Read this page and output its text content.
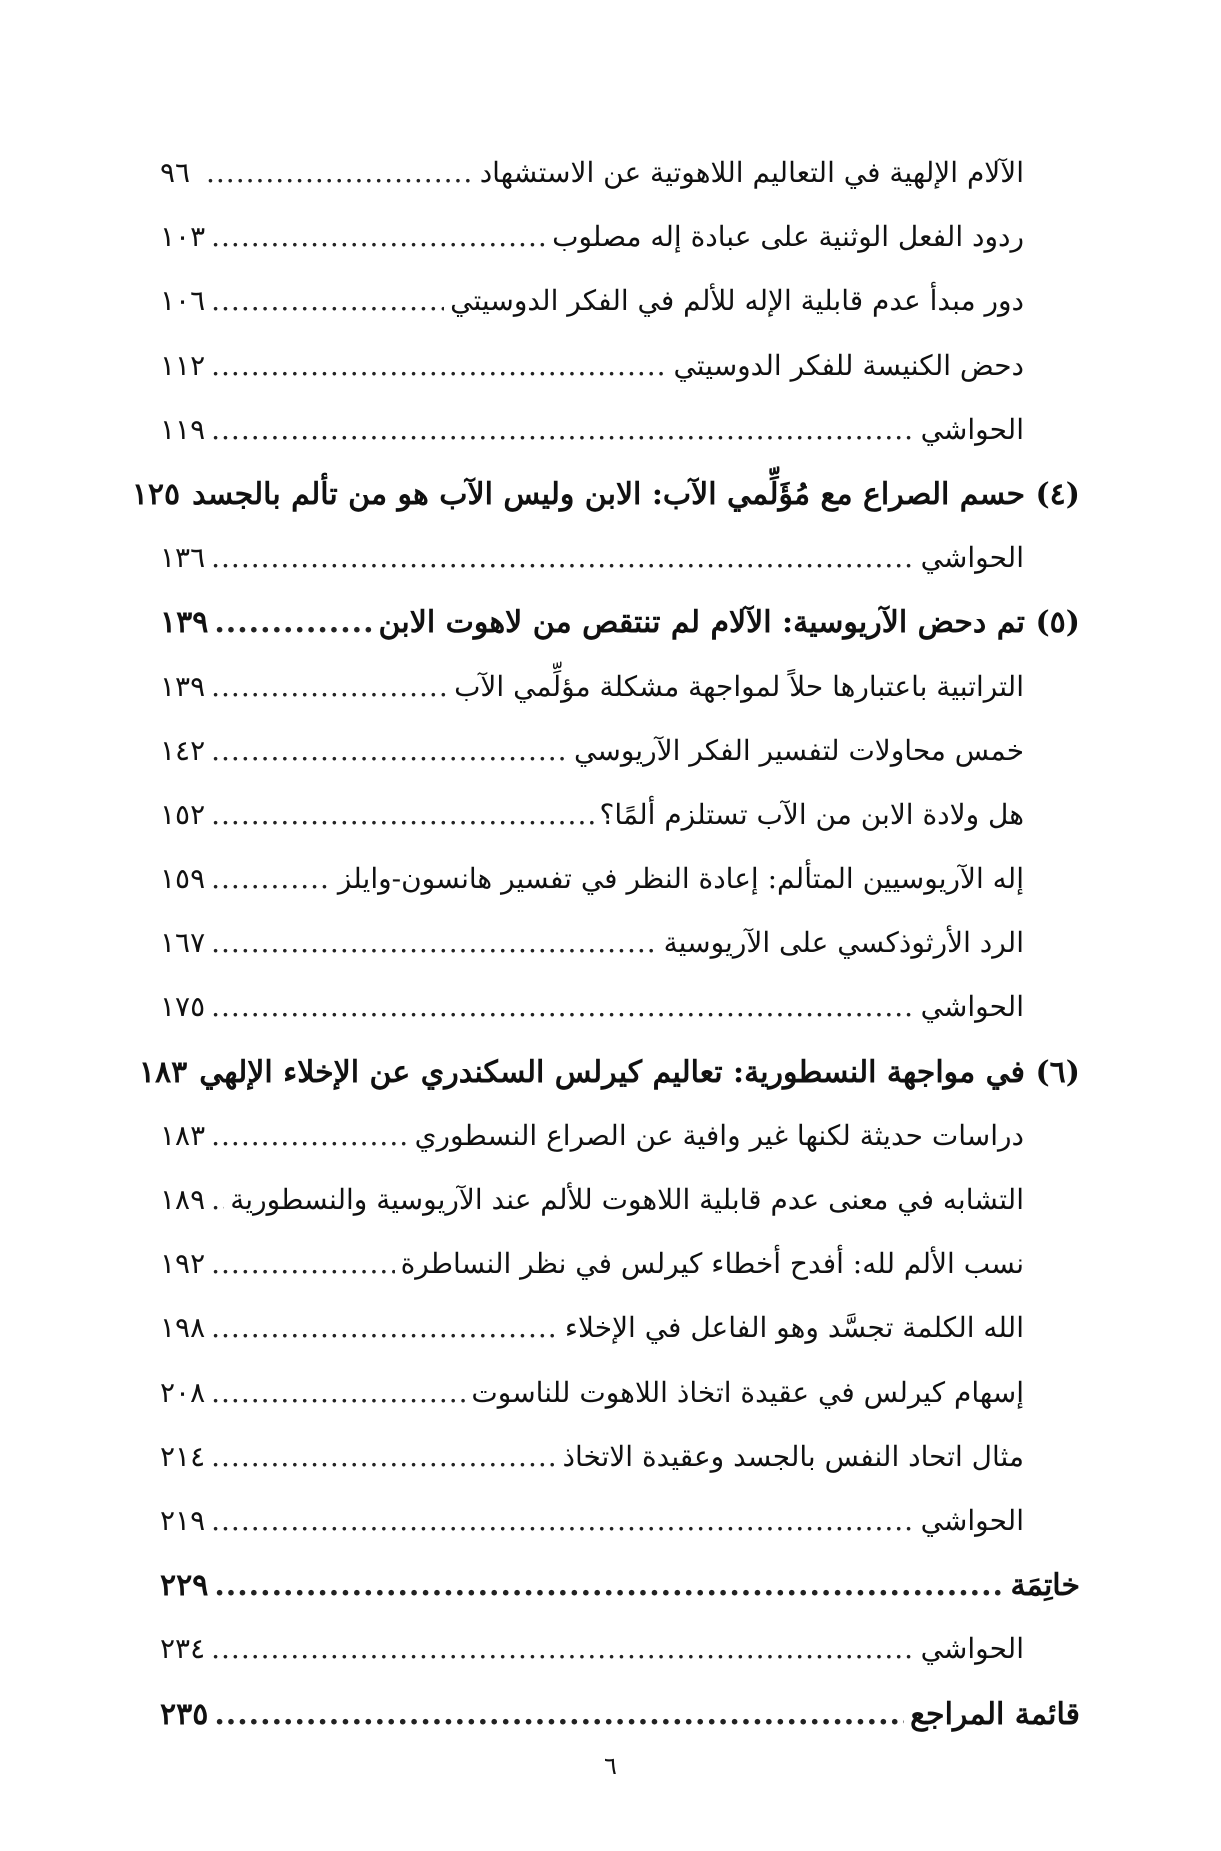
الآلام الإلهية في التعاليم اللاهوتية عن الاستشهاد
.....
٩٦
ردود الفعل الوثنية على عبادة إله مصلوب
.....
١٠٣
دور مبدأ عدم قابلية الإله للألم في الفكر الدوسيتي
.....
١٠٦
دحض الكنيسة للفكر الدوسيتي
.....
١١٢
الحواشي
.....
١١٩
(٤) حسم الصراع مع مُؤَلِّمي الآب: الابن وليس الآب هو من تألم بالجسد
١٢٥
الحواشي
.....
١٣٦
(٥) تم دحض الآريوسية: الآلام لم تنتقص من لاهوت الابن
.....
١٣٩
التراتبية باعتبارها حلاً لمواجهة مشكلة مؤلِّمي الآب
.....
١٣٩
خمس محاولات لتفسير الفكر الآريوسي
.....
١٤٢
هل ولادة الابن من الآب تستلزم ألمًا؟
.....
١٥٢
إله الآريوسيين المتألم: إعادة النظر في تفسير هانسون-وايلز
.....
١٥٩
الرد الأرثوذكسي على الآريوسية
.....
١٦٧
الحواشي
.....
١٧٥
(٦) في مواجهة النسطورية: تعاليم كيرلس السكندري عن الإخلاء الإلهي
١٨٣
دراسات حديثة لكنها غير وافية عن الصراع النسطوري
.....
١٨٣
التشابه في معنى عدم قابلية اللاهوت للألم عند الآريوسية والنسطورية
.....
١٨٩
نسب الألم لله: أفدح أخطاء كيرلس في نظر النساطرة
.....
١٩٢
الله الكلمة تجسَّد وهو الفاعل في الإخلاء
.....
١٩٨
إسهام كيرلس في عقيدة اتخاذ اللاهوت للناسوت
.....
٢٠٨
مثال اتحاد النفس بالجسد وعقيدة الاتخاذ
.....
٢١٤
الحواشي
.....
٢١٩
خاتِمَة
.....
٢٢٩
الحواشي
.....
٢٣٤
قائمة المراجع
.....
٢٣٥
٦
